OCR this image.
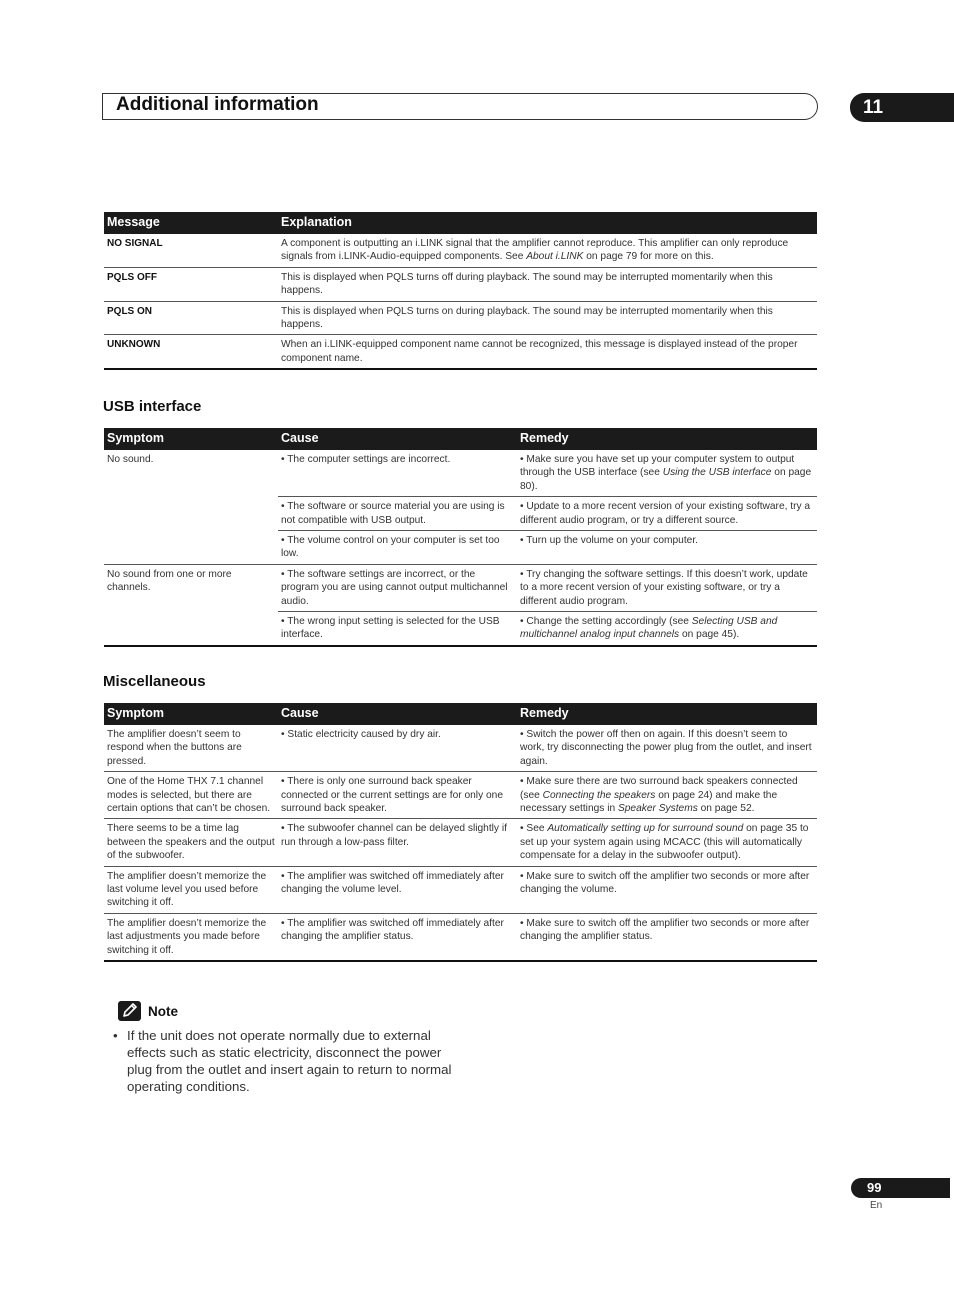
Additional information	11
Message	Explanation
NO SIGNAL	A component is outputting an i.LINK signal that the amplifier cannot reproduce. This amplifier can only reproduce signals from i.LINK-Audio-equipped components. See About i.LINK on page 79 for more on this.
PQLS OFF	This is displayed when PQLS turns off during playback. The sound may be interrupted momentarily when this happens.
PQLS ON	This is displayed when PQLS turns on during playback. The sound may be interrupted momentarily when this happens.
UNKNOWN	When an i.LINK-equipped component name cannot be recognized, this message is displayed instead of the proper component name.
USB interface
Symptom	Cause	Remedy
No sound.	• The computer settings are incorrect.	• Make sure you have set up your computer system to output through the USB interface (see Using the USB interface on page 80).
	• The software or source material you are using is not compatible with USB output.	• Update to a more recent version of your existing software, try a different audio program, or try a different source.
	• The volume control on your computer is set too low.	• Turn up the volume on your computer.
No sound from one or more channels.	• The software settings are incorrect, or the program you are using cannot output multichannel audio.	• Try changing the software settings. If this doesn’t work, update to a more recent version of your existing software, or try a different audio program.
	• The wrong input setting is selected for the USB interface.	• Change the setting accordingly (see Selecting USB and multichannel analog input channels on page 45).
Miscellaneous
Symptom	Cause	Remedy
The amplifier doesn’t seem to respond when the buttons are pressed.	• Static electricity caused by dry air.	• Switch the power off then on again. If this doesn’t seem to work, try disconnecting the power plug from the outlet, and insert again.
One of the Home THX 7.1 channel modes is selected, but there are certain options that can’t be chosen.	• There is only one surround back speaker connected or the current settings are for only one surround back speaker.	• Make sure there are two surround back speakers connected (see Connecting the speakers on page 24) and make the necessary settings in Speaker Systems on page 52.
There seems to be a time lag between the speakers and the output of the subwoofer.	• The subwoofer channel can be delayed slightly if run through a low-pass filter.	• See Automatically setting up for surround sound on page 35 to set up your system again using MCACC (this will automatically compensate for a delay in the subwoofer output).
The amplifier doesn’t memorize the last volume level you used before switching it off.	• The amplifier was switched off immediately after changing the volume level.	• Make sure to switch off the amplifier two seconds or more after changing the volume.
The amplifier doesn’t memorize the last adjustments you made before switching it off.	• The amplifier was switched off immediately after changing the amplifier status.	• Make sure to switch off the amplifier two seconds or more after changing the amplifier status.
Note
• If the unit does not operate normally due to external effects such as static electricity, disconnect the power plug from the outlet and insert again to return to normal operating conditions.
99
En
